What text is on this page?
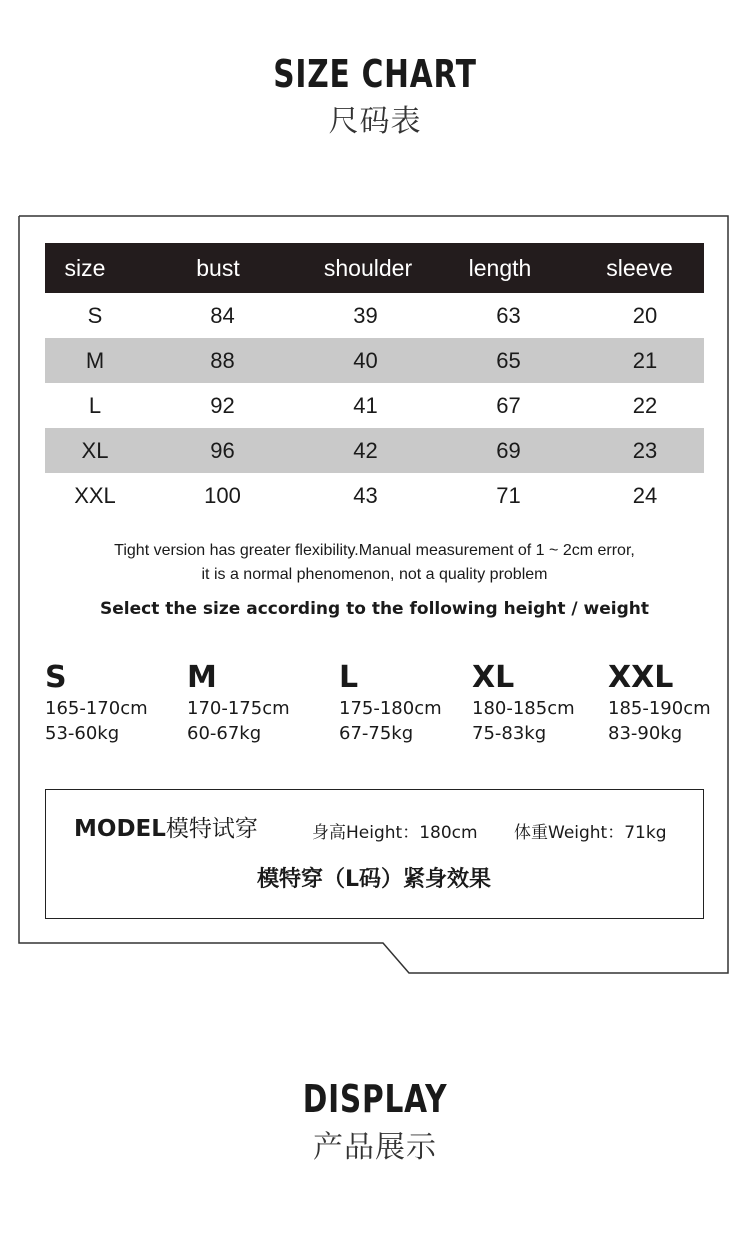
SIZE CHART
尺码表
size	bust	shoulder	length	sleeve
S	84	39	63	20
M	88	40	65	21
L	92	41	67	22
XL	96	42	69	23
XXL	100	43	71	24
Tight version has greater flexibility.Manual measurement of 1 ~ 2cm error,
it is a normal phenomenon, not a quality problem
Select the size according to the following height / weight
S
165-170cm
53-60kg
M
170-175cm
60-67kg
L
175-180cm
67-75kg
XL
180-185cm
75-83kg
XXL
185-190cm
83-90kg
MODEL模特试穿	身高Height：180cm 体重Weight：71kg
模特穿（L码）紧身效果
DISPLAY
产品展示
